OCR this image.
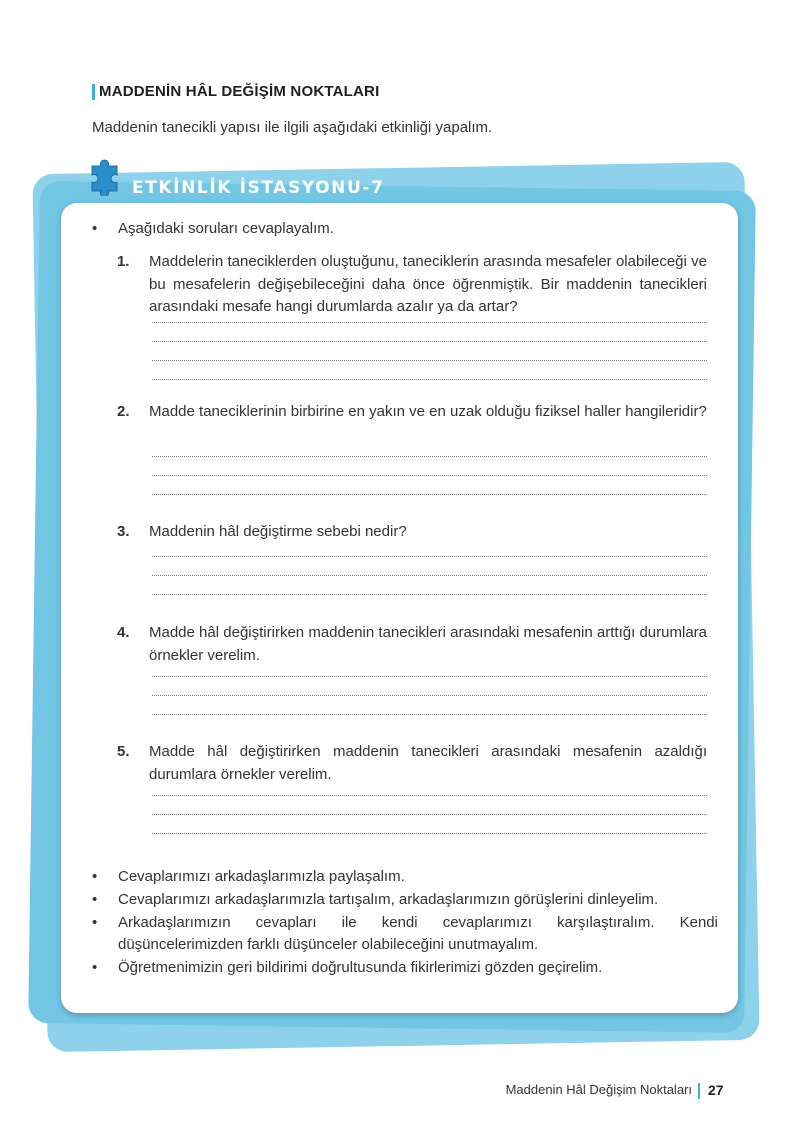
MADDENİN HÂL DEĞİŞİM NOKTALARI
Maddenin tanecikli yapısı ile ilgili aşağıdaki etkinliği yapalım.
ETKİNLİK İSTASYONU-7
• Aşağıdaki soruları cevaplayalım.
1. Maddelerin taneciklerden oluştuğunu, taneciklerin arasında mesafeler olabileceği ve bu mesafelerin değişebileceğini daha önce öğrenmiştik. Bir maddenin tanecikleri arasındaki mesafe hangi durumlarda azalır ya da artar?
2. Madde taneciklerinin birbirine en yakın ve en uzak olduğu fiziksel haller hangileridir?
3. Maddenin hâl değiştirme sebebi nedir?
4. Madde hâl değiştirirken maddenin tanecikleri arasındaki mesafenin arttığı durumlara örnekler verelim.
5. Madde hâl değiştirirken maddenin tanecikleri arasındaki mesafenin azaldığı durumlara örnekler verelim.
• Cevaplarımızı arkadaşlarımızla paylaşalım.
• Cevaplarımızı arkadaşlarımızla tartışalım, arkadaşlarımızın görüşlerini dinleyelim.
• Arkadaşlarımızın cevapları ile kendi cevaplarımızı karşılaştıralım. Kendi düşüncelerimizden farklı düşünceler olabileceğini unutmayalım.
• Öğretmenimizin geri bildirimi doğrultusunda fikirlerimizi gözden geçirelim.
Maddenin Hâl Değişim Noktaları 27
